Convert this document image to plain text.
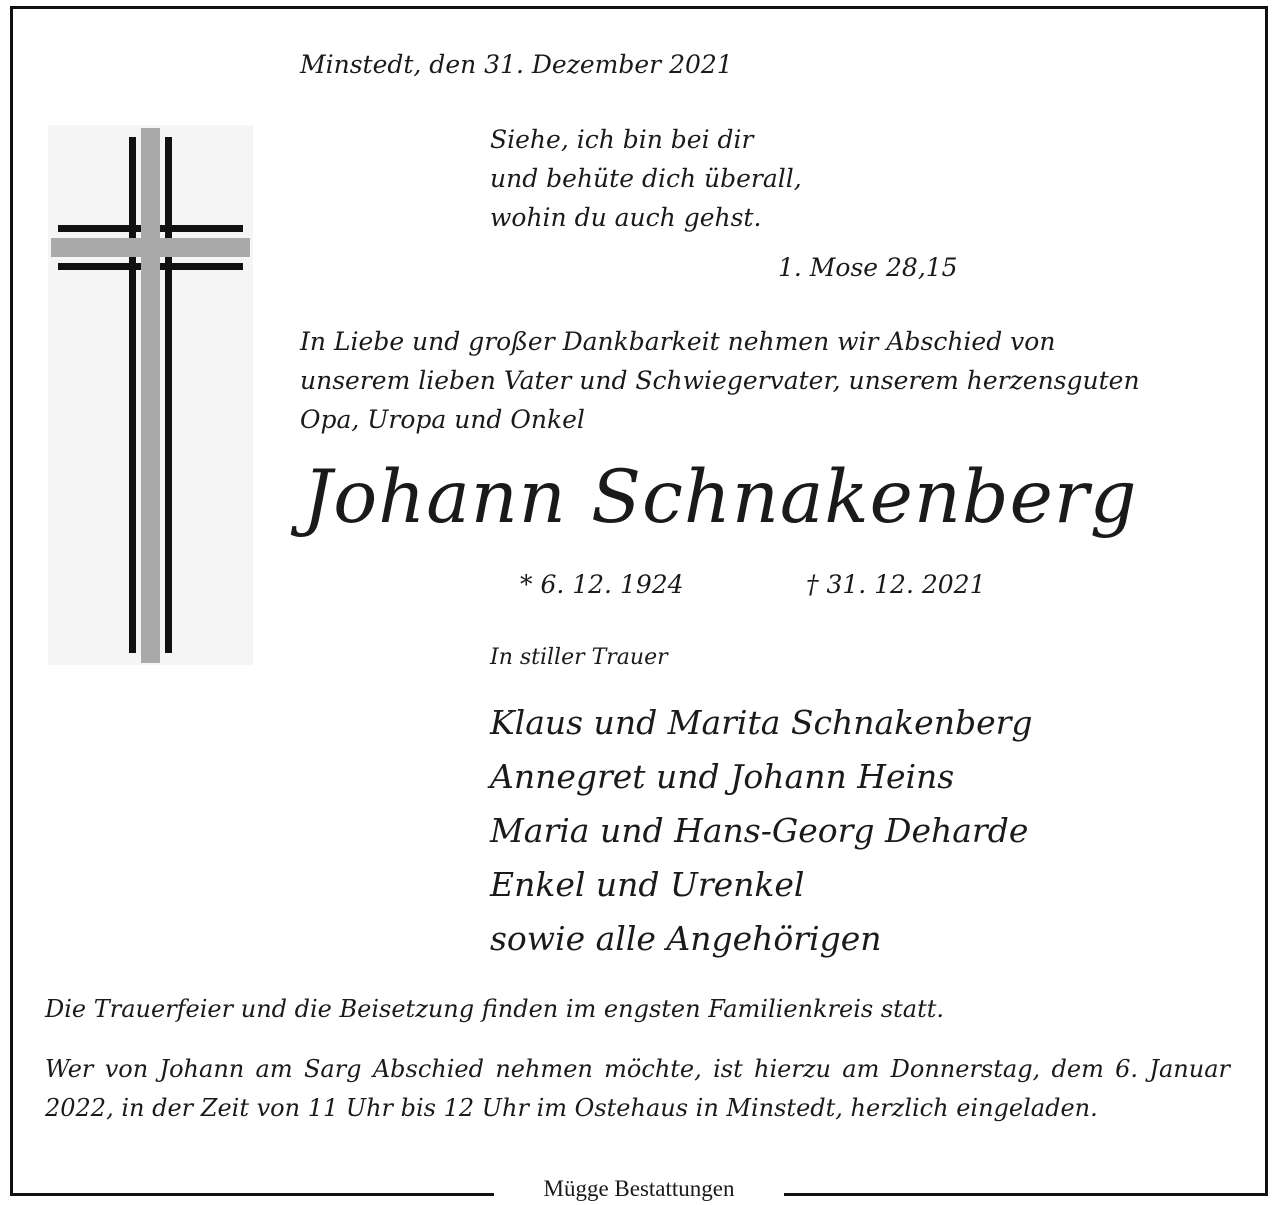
Minstedt, den 31. Dezember 2021
Siehe, ich bin bei dir
und behüte dich überall,
wohin du auch gehst.
1. Mose 28,15
In Liebe und großer Dankbarkeit nehmen wir Abschied von
unserem lieben Vater und Schwiegervater, unserem herzensguten
Opa, Uropa und Onkel
Johann Schnakenberg
* 6. 12. 1924	† 31. 12. 2021
In stiller Trauer
Klaus und Marita Schnakenberg
Annegret und Johann Heins
Maria und Hans-Georg Deharde
Enkel und Urenkel
sowie alle Angehörigen
Die Trauerfeier und die Beisetzung finden im engsten Familienkreis statt.
Wer von Johann am Sarg Abschied nehmen möchte, ist hierzu am Donnerstag, dem 6. Januar 2022, in der Zeit von 11 Uhr bis 12 Uhr im Ostehaus in Minstedt, herzlich eingeladen.
Mügge Bestattungen
